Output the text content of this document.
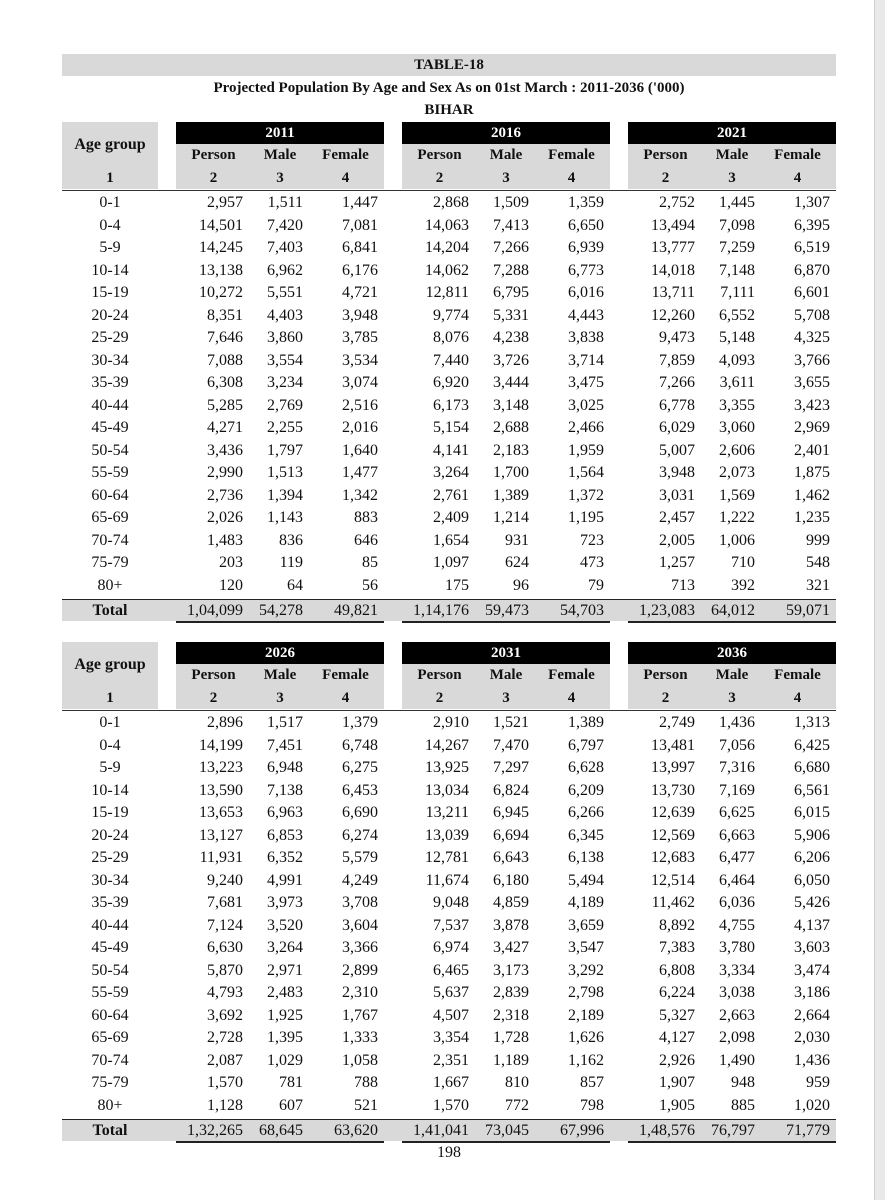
TABLE-18
Projected Population By Age and Sex As on 01st March : 2011-2036 ('000)
BIHAR
Age group
1
2011
Person	Male	Female
2	3	4
2016
Person	Male	Female
2	3	4
2021
Person	Male	Female
2	3	4
0-1	2,957	1,511	1,447	2,868	1,509	1,359	2,752	1,445	1,307
0-4	14,501	7,420	7,081	14,063	7,413	6,650	13,494	7,098	6,395
5-9	14,245	7,403	6,841	14,204	7,266	6,939	13,777	7,259	6,519
10-14	13,138	6,962	6,176	14,062	7,288	6,773	14,018	7,148	6,870
15-19	10,272	5,551	4,721	12,811	6,795	6,016	13,711	7,111	6,601
20-24	8,351	4,403	3,948	9,774	5,331	4,443	12,260	6,552	5,708
25-29	7,646	3,860	3,785	8,076	4,238	3,838	9,473	5,148	4,325
30-34	7,088	3,554	3,534	7,440	3,726	3,714	7,859	4,093	3,766
35-39	6,308	3,234	3,074	6,920	3,444	3,475	7,266	3,611	3,655
40-44	5,285	2,769	2,516	6,173	3,148	3,025	6,778	3,355	3,423
45-49	4,271	2,255	2,016	5,154	2,688	2,466	6,029	3,060	2,969
50-54	3,436	1,797	1,640	4,141	2,183	1,959	5,007	2,606	2,401
55-59	2,990	1,513	1,477	3,264	1,700	1,564	3,948	2,073	1,875
60-64	2,736	1,394	1,342	2,761	1,389	1,372	3,031	1,569	1,462
65-69	2,026	1,143	883	2,409	1,214	1,195	2,457	1,222	1,235
70-74	1,483	836	646	1,654	931	723	2,005	1,006	999
75-79	203	119	85	1,097	624	473	1,257	710	548
80+	120	64	56	175	96	79	713	392	321
Total	1,04,099	54,278	49,821	1,14,176	59,473	54,703	1,23,083	64,012	59,071
Age group
1
2026
Person	Male	Female
2	3	4
2031
Person	Male	Female
2	3	4
2036
Person	Male	Female
2	3	4
0-1	2,896	1,517	1,379	2,910	1,521	1,389	2,749	1,436	1,313
0-4	14,199	7,451	6,748	14,267	7,470	6,797	13,481	7,056	6,425
5-9	13,223	6,948	6,275	13,925	7,297	6,628	13,997	7,316	6,680
10-14	13,590	7,138	6,453	13,034	6,824	6,209	13,730	7,169	6,561
15-19	13,653	6,963	6,690	13,211	6,945	6,266	12,639	6,625	6,015
20-24	13,127	6,853	6,274	13,039	6,694	6,345	12,569	6,663	5,906
25-29	11,931	6,352	5,579	12,781	6,643	6,138	12,683	6,477	6,206
30-34	9,240	4,991	4,249	11,674	6,180	5,494	12,514	6,464	6,050
35-39	7,681	3,973	3,708	9,048	4,859	4,189	11,462	6,036	5,426
40-44	7,124	3,520	3,604	7,537	3,878	3,659	8,892	4,755	4,137
45-49	6,630	3,264	3,366	6,974	3,427	3,547	7,383	3,780	3,603
50-54	5,870	2,971	2,899	6,465	3,173	3,292	6,808	3,334	3,474
55-59	4,793	2,483	2,310	5,637	2,839	2,798	6,224	3,038	3,186
60-64	3,692	1,925	1,767	4,507	2,318	2,189	5,327	2,663	2,664
65-69	2,728	1,395	1,333	3,354	1,728	1,626	4,127	2,098	2,030
70-74	2,087	1,029	1,058	2,351	1,189	1,162	2,926	1,490	1,436
75-79	1,570	781	788	1,667	810	857	1,907	948	959
80+	1,128	607	521	1,570	772	798	1,905	885	1,020
Total	1,32,265	68,645	63,620	1,41,041	73,045	67,996	1,48,576	76,797	71,779
198
